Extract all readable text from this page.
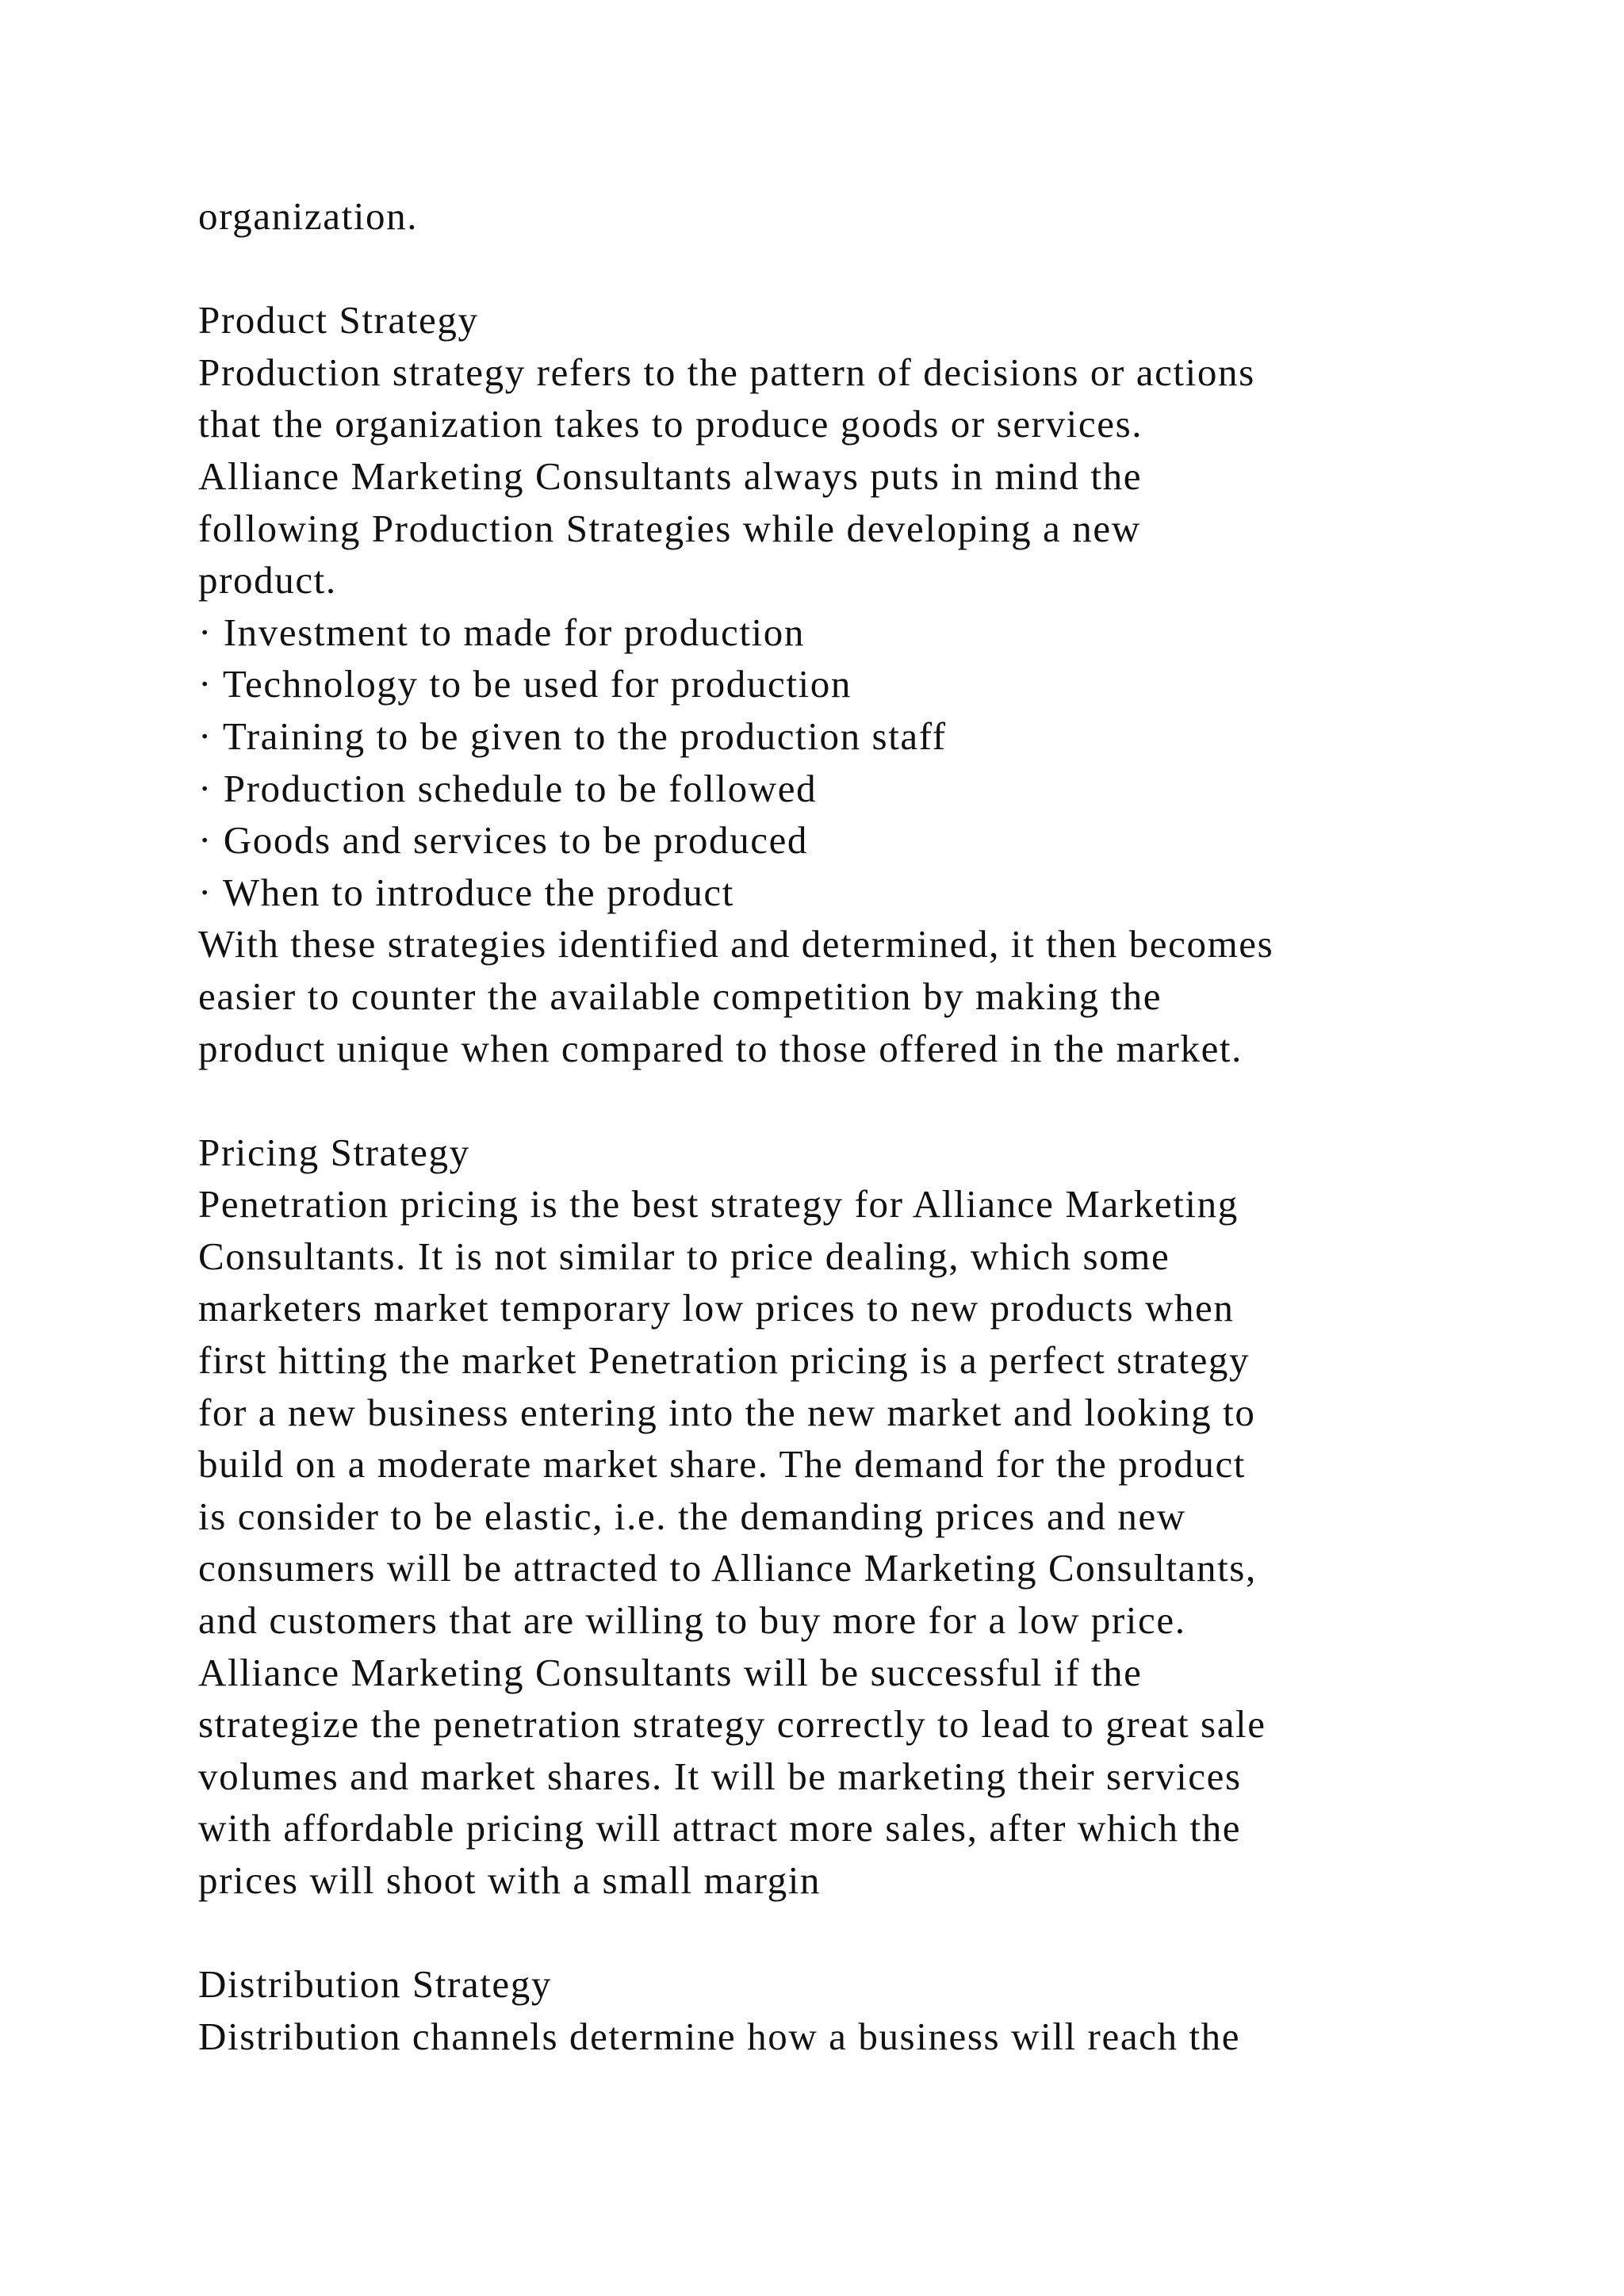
organization.
Product Strategy
Production strategy refers to the pattern of decisions or actions
that the organization takes to produce goods or services.
Alliance Marketing Consultants always puts in mind the
following Production Strategies while developing a new
product.
· Investment to made for production
· Technology to be used for production
· Training to be given to the production staff
· Production schedule to be followed
· Goods and services to be produced
· When to introduce the product
With these strategies identified and determined, it then becomes
easier to counter the available competition by making the
product unique when compared to those offered in the market.
Pricing Strategy
Penetration pricing is the best strategy for Alliance Marketing
Consultants. It is not similar to price dealing, which some
marketers market temporary low prices to new products when
first hitting the market Penetration pricing is a perfect strategy
for a new business entering into the new market and looking to
build on a moderate market share. The demand for the product
is consider to be elastic, i.e. the demanding prices and new
consumers will be attracted to Alliance Marketing Consultants,
and customers that are willing to buy more for a low price.
Alliance Marketing Consultants will be successful if the
strategize the penetration strategy correctly to lead to great sale
volumes and market shares. It will be marketing their services
with affordable pricing will attract more sales, after which the
prices will shoot with a small margin
Distribution Strategy
Distribution channels determine how a business will reach the
